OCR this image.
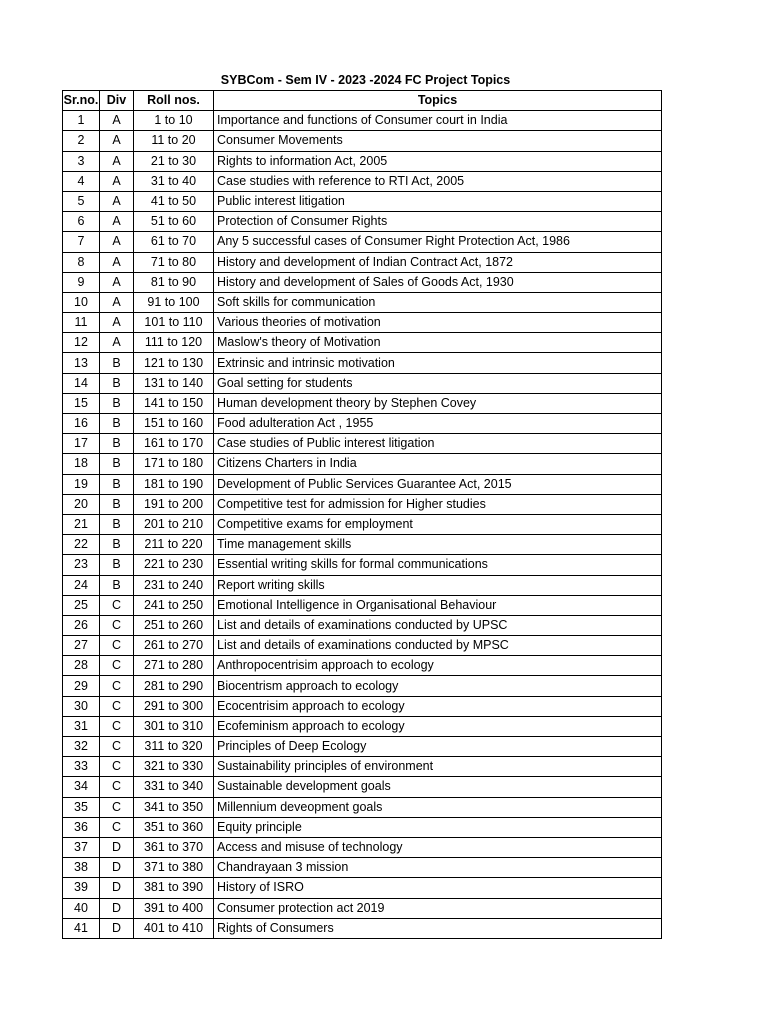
SYBCom - Sem IV - 2023 -2024 FC Project Topics
Sr.no.	Div	Roll nos.	Topics
1	A	1 to 10	Importance and functions of Consumer court in India
2	A	11 to 20	Consumer Movements
3	A	21 to 30	Rights to information Act, 2005
4	A	31 to 40	Case studies with reference to RTI Act, 2005
5	A	41 to 50	Public interest litigation
6	A	51 to 60	Protection of Consumer Rights
7	A	61 to 70	Any 5 successful cases of Consumer Right Protection Act, 1986
8	A	71 to 80	History and development of Indian Contract Act, 1872
9	A	81 to 90	History and development of Sales of Goods Act, 1930
10	A	91 to 100	Soft skills for communication
11	A	101 to 110	Various theories of motivation
12	A	111 to 120	Maslow's theory of Motivation
13	B	121 to 130	Extrinsic and intrinsic motivation
14	B	131 to 140	Goal setting for students
15	B	141 to 150	Human development theory by Stephen Covey
16	B	151 to 160	Food adulteration Act , 1955
17	B	161 to 170	Case studies of Public interest litigation
18	B	171 to 180	Citizens Charters in India
19	B	181 to 190	Development of Public Services Guarantee Act, 2015
20	B	191 to 200	Competitive test for admission for Higher studies
21	B	201 to 210	Competitive exams for employment
22	B	211 to 220	Time management skills
23	B	221 to 230	Essential writing skills for formal communications
24	B	231 to 240	Report writing skills
25	C	241 to 250	Emotional Intelligence in Organisational Behaviour
26	C	251 to 260	List and details of examinations conducted by UPSC
27	C	261 to 270	List and details of examinations conducted by MPSC
28	C	271 to 280	Anthropocentrisim approach to ecology
29	C	281 to 290	Biocentrism approach to ecology
30	C	291 to 300	Ecocentrisim approach to ecology
31	C	301 to 310	Ecofeminism approach to ecology
32	C	311 to 320	Principles of Deep Ecology
33	C	321 to 330	Sustainability principles of environment
34	C	331 to 340	Sustainable development goals
35	C	341 to 350	Millennium deveopment goals
36	C	351 to 360	Equity principle
37	D	361 to 370	Access and misuse of technology
38	D	371 to 380	Chandrayaan 3 mission
39	D	381 to 390	History of ISRO
40	D	391 to 400	Consumer protection act 2019
41	D	401 to 410	Rights of Consumers
